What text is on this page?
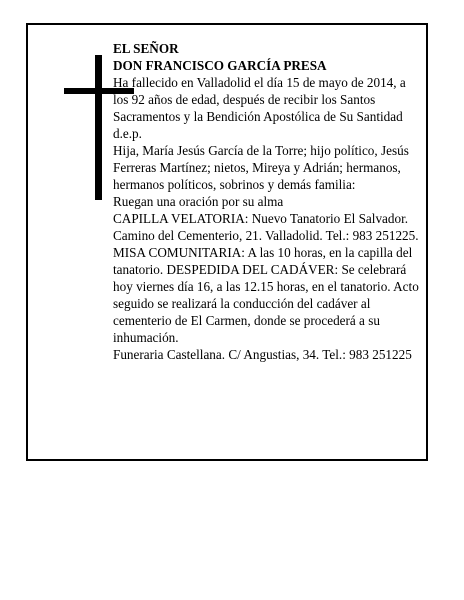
EL SEÑOR

DON FRANCISCO GARCÍA PRESA

Ha fallecido en Valladolid el día 15 de mayo de 2014, a los 92 años de edad, después de recibir los Santos Sacramentos y la Bendición Apostólica de Su Santidad d.e.p.

Hija, María Jesús García de la Torre; hijo político, Jesús Ferreras Martínez; nietos, Mireya y Adrián; hermanos, hermanos políticos, sobrinos y demás familia:

Ruegan una oración por su alma

CAPILLA VELATORIA: Nuevo Tanatorio El Salvador. Camino del Cementerio, 21. Valladolid. Tel.: 983 251225.

MISA COMUNITARIA: A las 10 horas, en la capilla del tanatorio. DESPEDIDA DEL CADÁVER: Se celebrará hoy viernes día 16, a las 12.15 horas, en el tanatorio. Acto seguido se realizará la conducción del cadáver al cementerio de El Carmen, donde se procederá a su inhumación.

Funeraria Castellana. C/ Angustias, 34. Tel.: 983 251225
